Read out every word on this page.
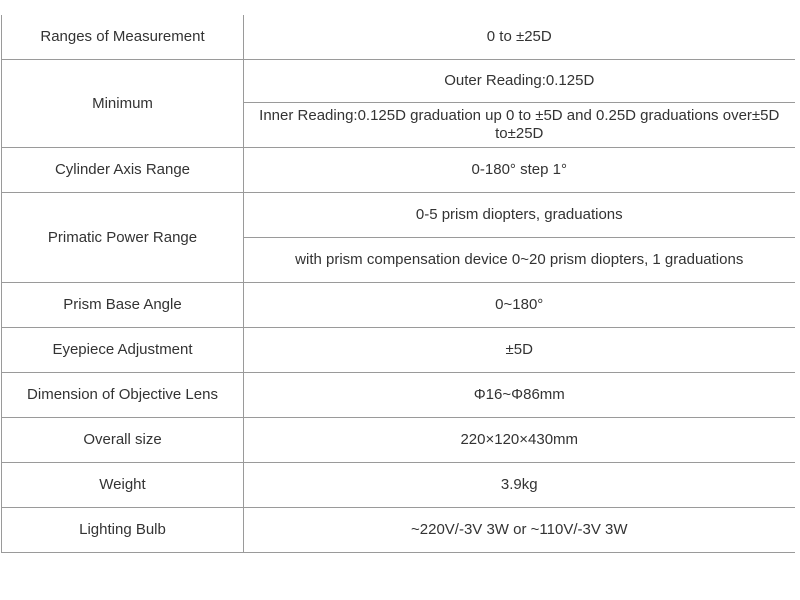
Ranges of Measurement	0 to ±25D
Minimum	Outer Reading:0.125D
	Inner Reading:0.125D graduation up 0 to ±5D and 0.25D graduations over±5D to±25D
Cylinder Axis Range	0-180° step 1°
Primatic Power Range	0-5 prism diopters, graduations
	with prism compensation device 0~20 prism diopters, 1 graduations
Prism Base Angle	0~180°
Eyepiece Adjustment	±5D
Dimension of Objective Lens	Φ16~Φ86mm
Overall size	220×120×430mm
Weight	3.9kg
Lighting Bulb	~220V/-3V 3W or ~110V/-3V 3W
